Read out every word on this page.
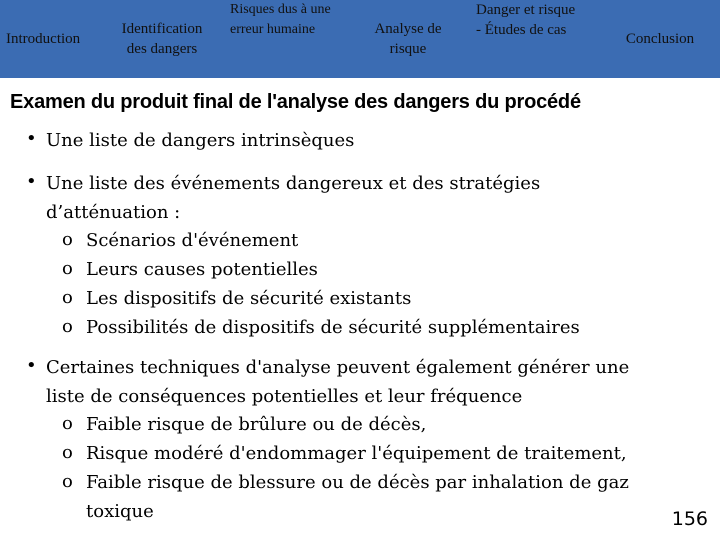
Introduction
Identification
des dangers
Risques dus à une
erreur humaine	Analyse de
risque
Danger et risque
- Études de cas
Conclusion
Examen du produit final de l'analyse des dangers du procédé
• Une liste de dangers intrinsèques
• Une liste des événements dangereux et des stratégies
d’atténuation :
o Scénarios d'événement
o Leurs causes potentielles
o Les dispositifs de sécurité existants
o Possibilités de dispositifs de sécurité supplémentaires
• Certaines techniques d'analyse peuvent également générer une
liste de conséquences potentielles et leur fréquence
o Faible risque de brûlure ou de décès,
o Risque modéré d'endommager l'équipement de traitement,
o Faible risque de blessure ou de décès par inhalation de gaz
toxique	156
